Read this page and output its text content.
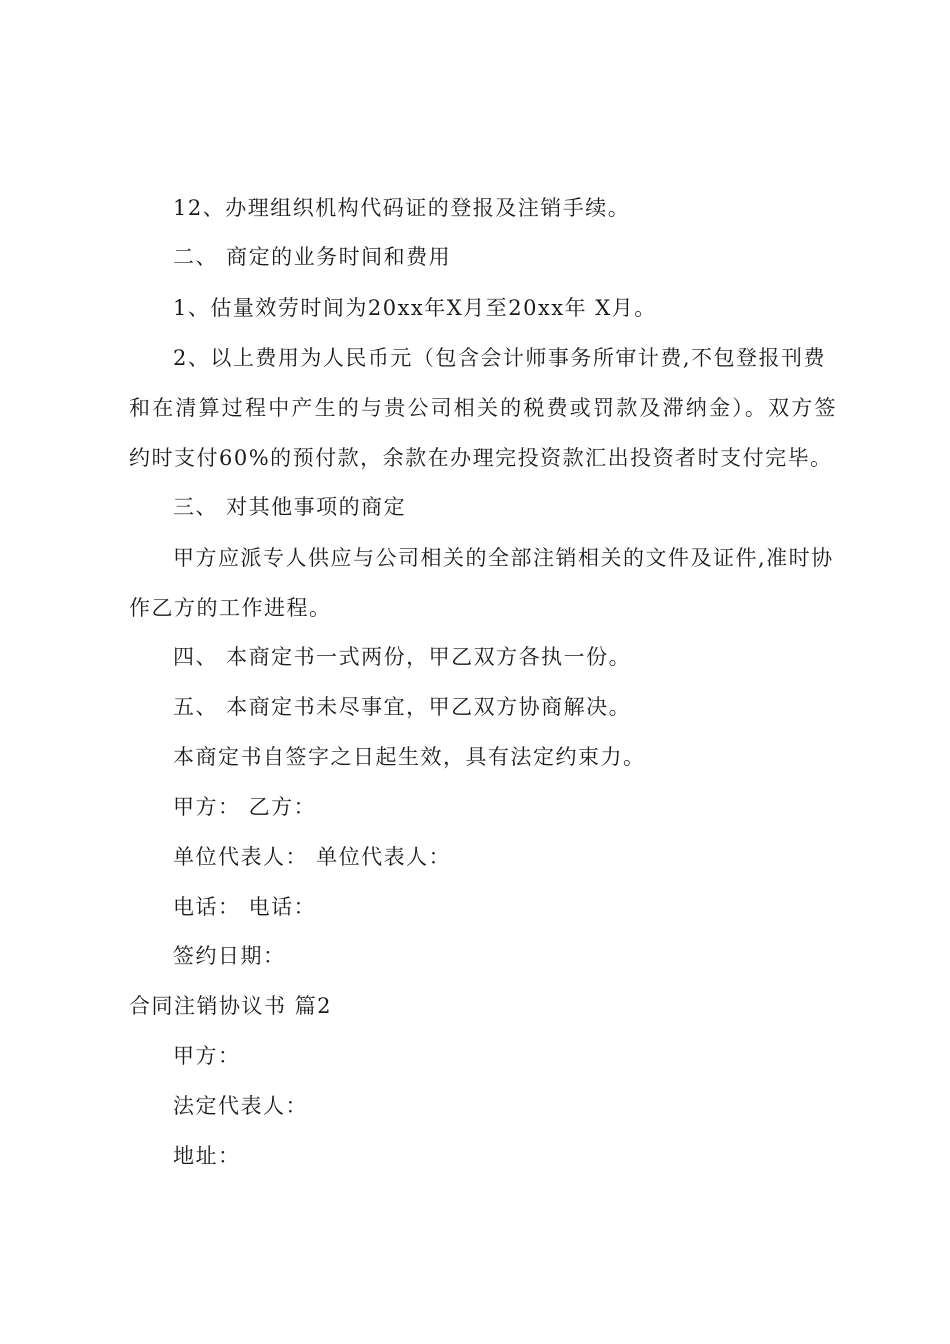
12、办理组织机构代码证的登报及注销手续。
二、 商定的业务时间和费用
1、估量效劳时间为20xx年X月至20xx年 X月。
2、以上费用为人民币元（包含会计师事务所审计费,不包登报刊费
和在清算过程中产生的与贵公司相关的税费或罚款及滞纳金）。双方签
约时支付60%的预付款，余款在办理完投资款汇出投资者时支付完毕。
三、 对其他事项的商定
甲方应派专人供应与公司相关的全部注销相关的文件及证件,准时协
作乙方的工作进程。
四、 本商定书一式两份，甲乙双方各执一份。
五、 本商定书未尽事宜，甲乙双方协商解决。
本商定书自签字之日起生效，具有法定约束力。
甲方： 乙方：
单位代表人： 单位代表人：
电话： 电话：
签约日期：
合同注销协议书 篇2
甲方：
法定代表人：
地址：
